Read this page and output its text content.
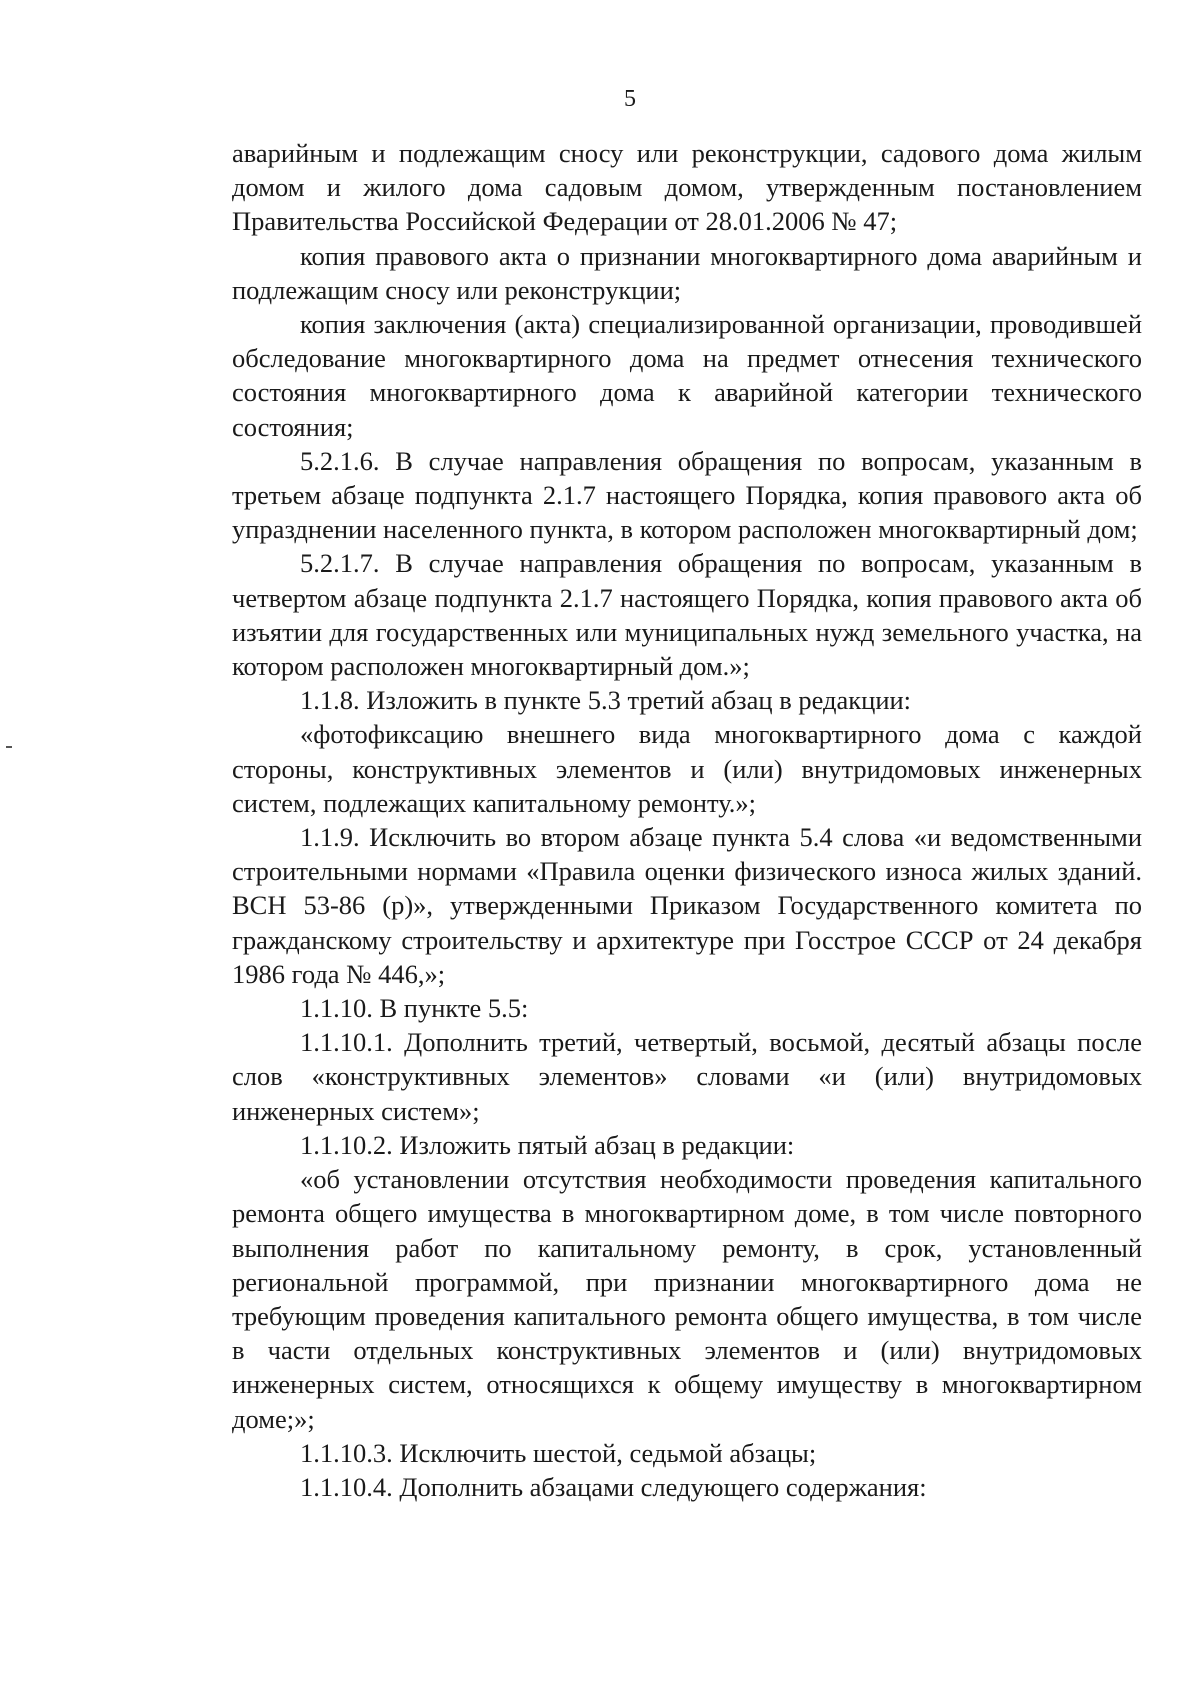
5

аварийным и подлежащим сносу или реконструкции, садового дома жилым домом и жилого дома садовым домом, утвержденным постановлением Правительства Российской Федерации от 28.01.2006 № 47;

копия правового акта о признании многоквартирного дома аварийным и подлежащим сносу или реконструкции;

копия заключения (акта) специализированной организации, проводившей обследование многоквартирного дома на предмет отнесения технического состояния многоквартирного дома к аварийной категории технического состояния;

5.2.1.6. В случае направления обращения по вопросам, указанным в третьем абзаце подпункта 2.1.7 настоящего Порядка, копия правового акта об упразднении населенного пункта, в котором расположен многоквартирный дом;

5.2.1.7. В случае направления обращения по вопросам, указанным в четвертом абзаце подпункта 2.1.7 настоящего Порядка, копия правового акта об изъятии для государственных или муниципальных нужд земельного участка, на котором расположен многоквартирный дом.»;

1.1.8. Изложить в пункте 5.3 третий абзац в редакции:

«фотофиксацию внешнего вида многоквартирного дома с каждой стороны, конструктивных элементов и (или) внутридомовых инженерных систем, подлежащих капитальному ремонту.»;

1.1.9. Исключить во втором абзаце пункта 5.4 слова «и ведомственными строительными нормами «Правила оценки физического износа жилых зданий. ВСН 53-86 (р)», утвержденными Приказом Государственного комитета по гражданскому строительству и архитектуре при Госстрое СССР от 24 декабря 1986 года № 446,»;

1.1.10. В пункте 5.5:

1.1.10.1. Дополнить третий, четвертый, восьмой, десятый абзацы после слов «конструктивных элементов» словами «и (или) внутридомовых инженерных систем»;

1.1.10.2. Изложить пятый абзац в редакции:

«об установлении отсутствия необходимости проведения капитального ремонта общего имущества в многоквартирном доме, в том числе повторного выполнения работ по капитальному ремонту, в срок, установленный региональной программой, при признании многоквартирного дома не требующим проведения капитального ремонта общего имущества, в том числе в части отдельных конструктивных элементов и (или) внутридомовых инженерных систем, относящихся к общему имуществу в многоквартирном доме;»;

1.1.10.3. Исключить шестой, седьмой абзацы;

1.1.10.4. Дополнить абзацами следующего содержания:
